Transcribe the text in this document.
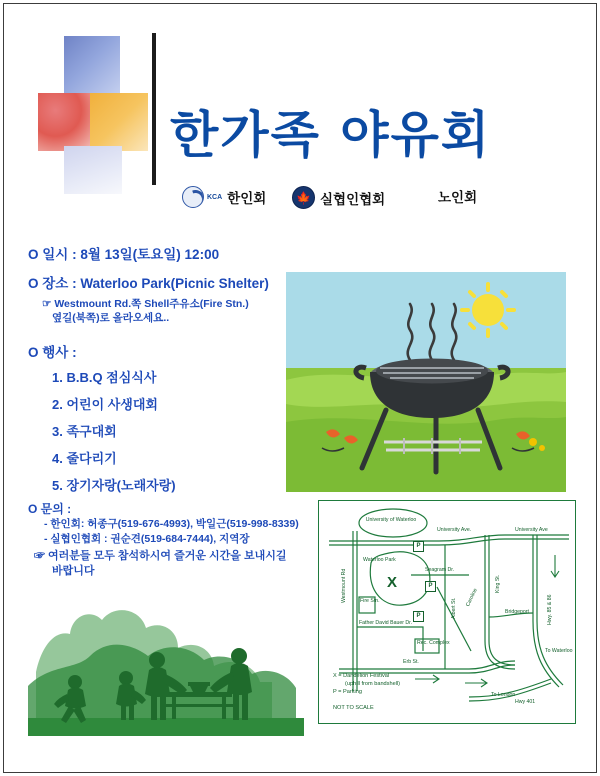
한가족 야유회
KCA 한인회 🍁 실협인협회	노인회
O 일시 : 8월 13일(토요일) 12:00
O 장소 : Waterloo Park(Picnic Shelter)
☞ Westmount Rd.쪽 Shell주유소(Fire Stn.)
옆길(북쪽)로 올라오세요..
O 행사 :
1. B.B.Q 점심식사
2. 어린이 사생대회
3. 족구대회
4. 줄다리기
5. 장기자랑(노래자랑)
O 문의 :
- 한인회: 허종구(519-676-4993), 박일근(519-998-8339)
- 실협인협회 : 권순견(519-684-7444), 지역장
☞ 여러분들 모두 참석하시여 즐거운 시간을 보내시길
바랍니다
X
University of Waterloo
University Ave.	University Ave
Seagram Dr.
Waterloo Park
Fire Stn.
Westmount Rd
Albert St.
King St.
Hwy. 85 & 86
Bridgeport
Father David Bauer Dr.
Rec. Complex
Erb St.
Caroline
To Waterloo
To London
Hwy 401
P
P
P
X = Dandelion Festival
(uphill from bandshell)
P = Parking
NOT TO SCALE
